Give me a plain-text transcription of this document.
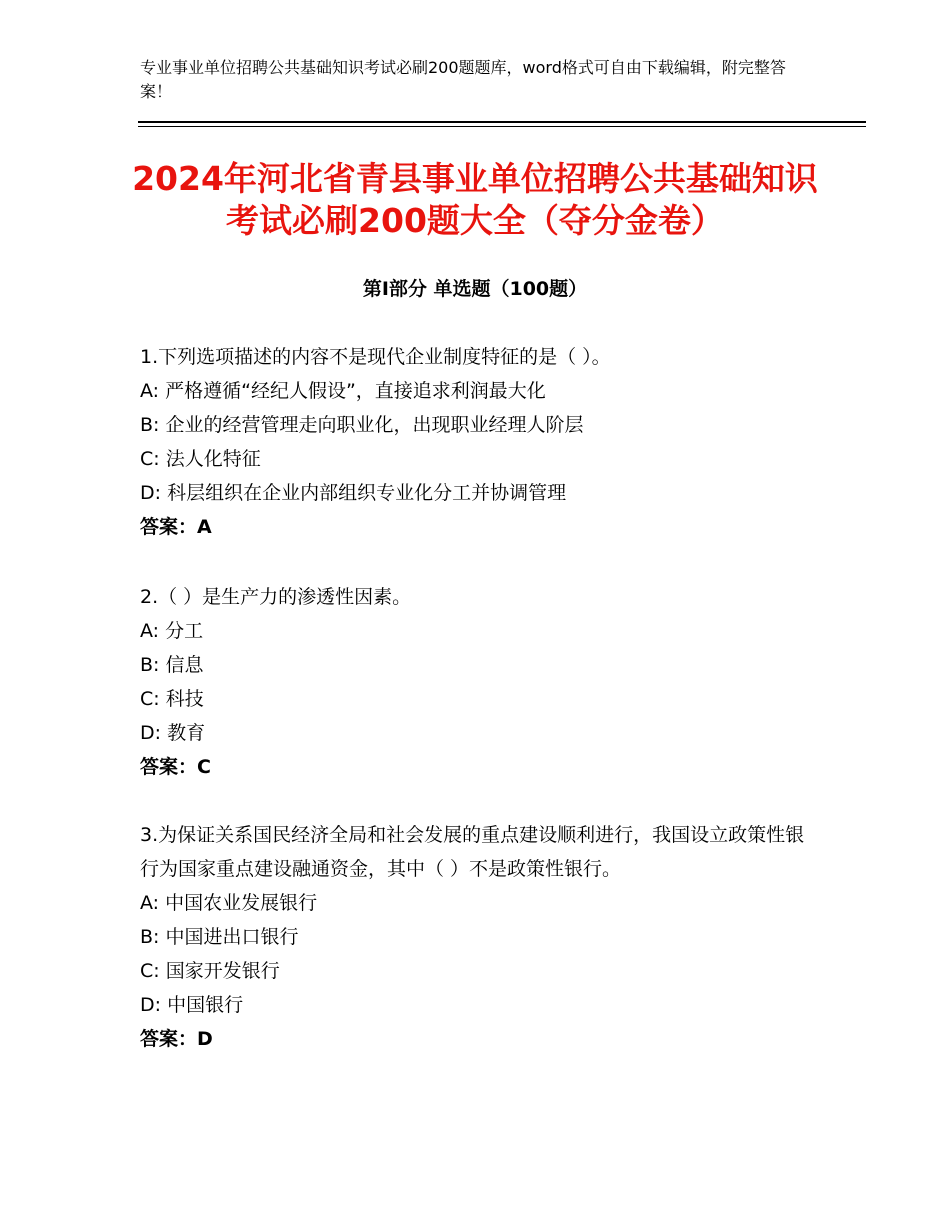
专业事业单位招聘公共基础知识考试必刷200题题库，word格式可自由下载编辑，附完整答案！
2024年河北省青县事业单位招聘公共基础知识考试必刷200题大全（夺分金卷）
第Ⅰ部分 单选题（100题）

1.下列选项描述的内容不是现代企业制度特征的是（ ）。

A: 严格遵循“经纪人假设”，直接追求利润最大化

B: 企业的经营管理走向职业化，出现职业经理人阶层

C: 法人化特征

D: 科层组织在企业内部组织专业化分工并协调管理

答案：A

2.（ ）是生产力的渗透性因素。

A: 分工

B: 信息

C: 科技

D: 教育

答案：C

3.为保证关系国民经济全局和社会发展的重点建设顺利进行，我国设立政策性银行为国家重点建设融通资金，其中（ ）不是政策性银行。

A: 中国农业发展银行

B: 中国进出口银行

C: 国家开发银行

D: 中国银行

答案：D
